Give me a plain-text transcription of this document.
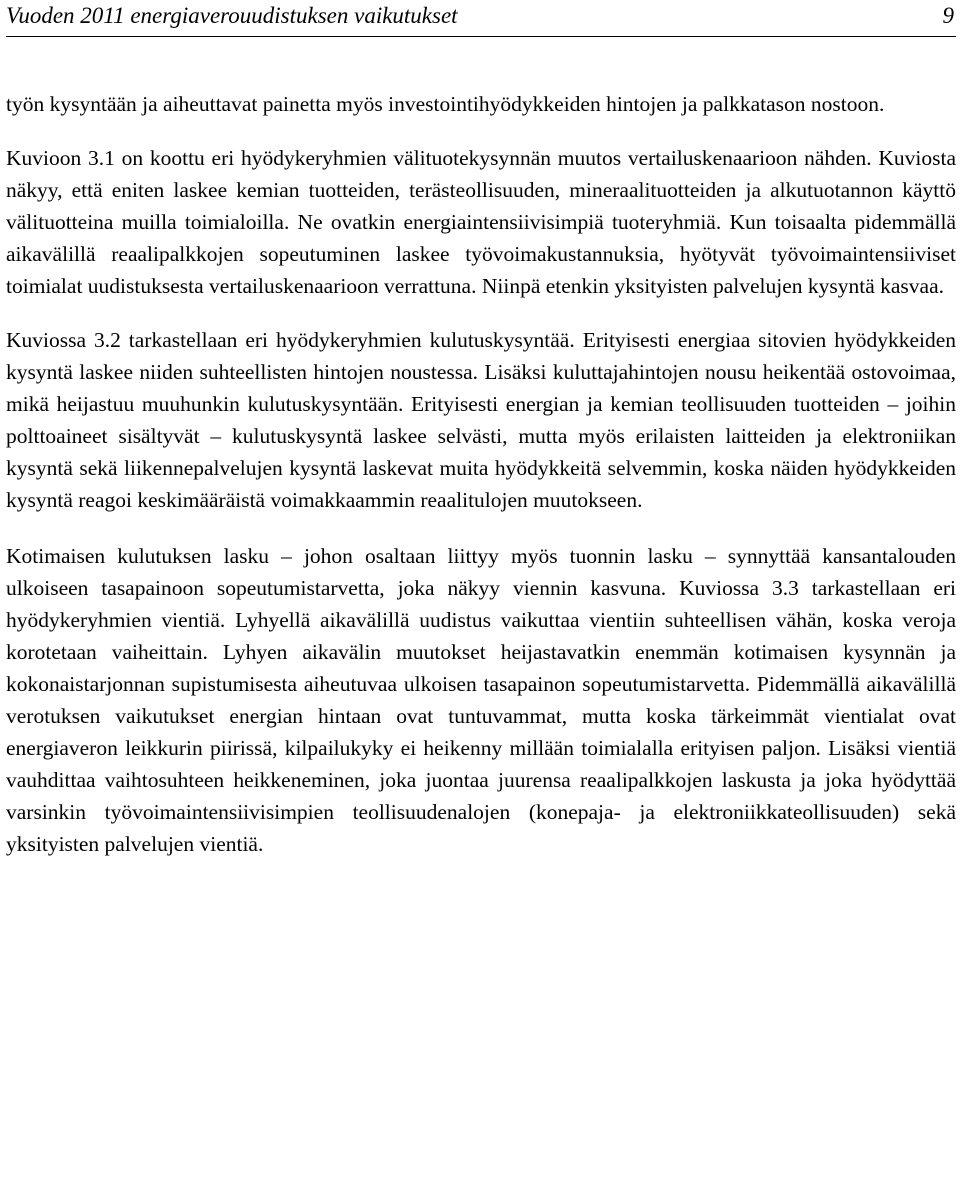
Vuoden 2011 energiaverouudistuksen vaikutukset	9

työn kysyntään ja aiheuttavat painetta myös investointihyödykkeiden hintojen ja palkkatason nostoon.

Kuvioon 3.1 on koottu eri hyödykeryhmien välituotekysynnän muutos vertailuskenaarioon nähden. Kuviosta näkyy, että eniten laskee kemian tuotteiden, terästeollisuuden, mineraalituotteiden ja alkutuotannon käyttö välituotteina muilla toimialoilla. Ne ovatkin energiaintensiivisimpiä tuoteryhmiä. Kun toisaalta pidemmällä aikavälillä reaalipalkkojen sopeutuminen laskee työvoimakustannuksia, hyötyvät työvoimaintensiiviset toimialat uudistuksesta vertailuskenaarioon verrattuna. Niinpä etenkin yksityisten palvelujen kysyntä kasvaa.

Kuviossa 3.2 tarkastellaan eri hyödykeryhmien kulutuskysyntää. Erityisesti energiaa sitovien hyödykkeiden kysyntä laskee niiden suhteellisten hintojen noustessa. Lisäksi kuluttajahintojen nousu heikentää ostovoimaa, mikä heijastuu muuhunkin kulutuskysyntään. Erityisesti energian ja kemian teollisuuden tuotteiden – joihin polttoaineet sisältyvät – kulutuskysyntä laskee selvästi, mutta myös erilaisten laitteiden ja elektroniikan kysyntä sekä liikennepalvelujen kysyntä laskevat muita hyödykkeitä selvemmin, koska näiden hyödykkeiden kysyntä reagoi keskimääräistä voimakkaammin reaalitulojen muutokseen.

Kotimaisen kulutuksen lasku – johon osaltaan liittyy myös tuonnin lasku – synnyttää kansantalouden ulkoiseen tasapainoon sopeutumistarvetta, joka näkyy viennin kasvuna. Kuviossa 3.3 tarkastellaan eri hyödykeryhmien vientiä. Lyhyellä aikavälillä uudistus vaikuttaa vientiin suhteellisen vähän, koska veroja korotetaan vaiheittain. Lyhyen aikavälin muutokset heijastavatkin enemmän kotimaisen kysynnän ja kokonaistarjonnan supistumisesta aiheutuvaa ulkoisen tasapainon sopeutumistarvetta. Pidemmällä aikavälillä verotuksen vaikutukset energian hintaan ovat tuntuvammat, mutta koska tärkeimmät vientialat ovat energiaveron leikkurin piirissä, kilpailukyky ei heikenny millään toimialalla erityisen paljon. Lisäksi vientiä vauhdittaa vaihtosuhteen heikkeneminen, joka juontaa juurensa reaalipalkkojen laskusta ja joka hyödyttää varsinkin työvoimaintensiivisimpien teollisuudenalojen (konepaja- ja elektroniikkateollisuuden) sekä yksityisten palvelujen vientiä.
